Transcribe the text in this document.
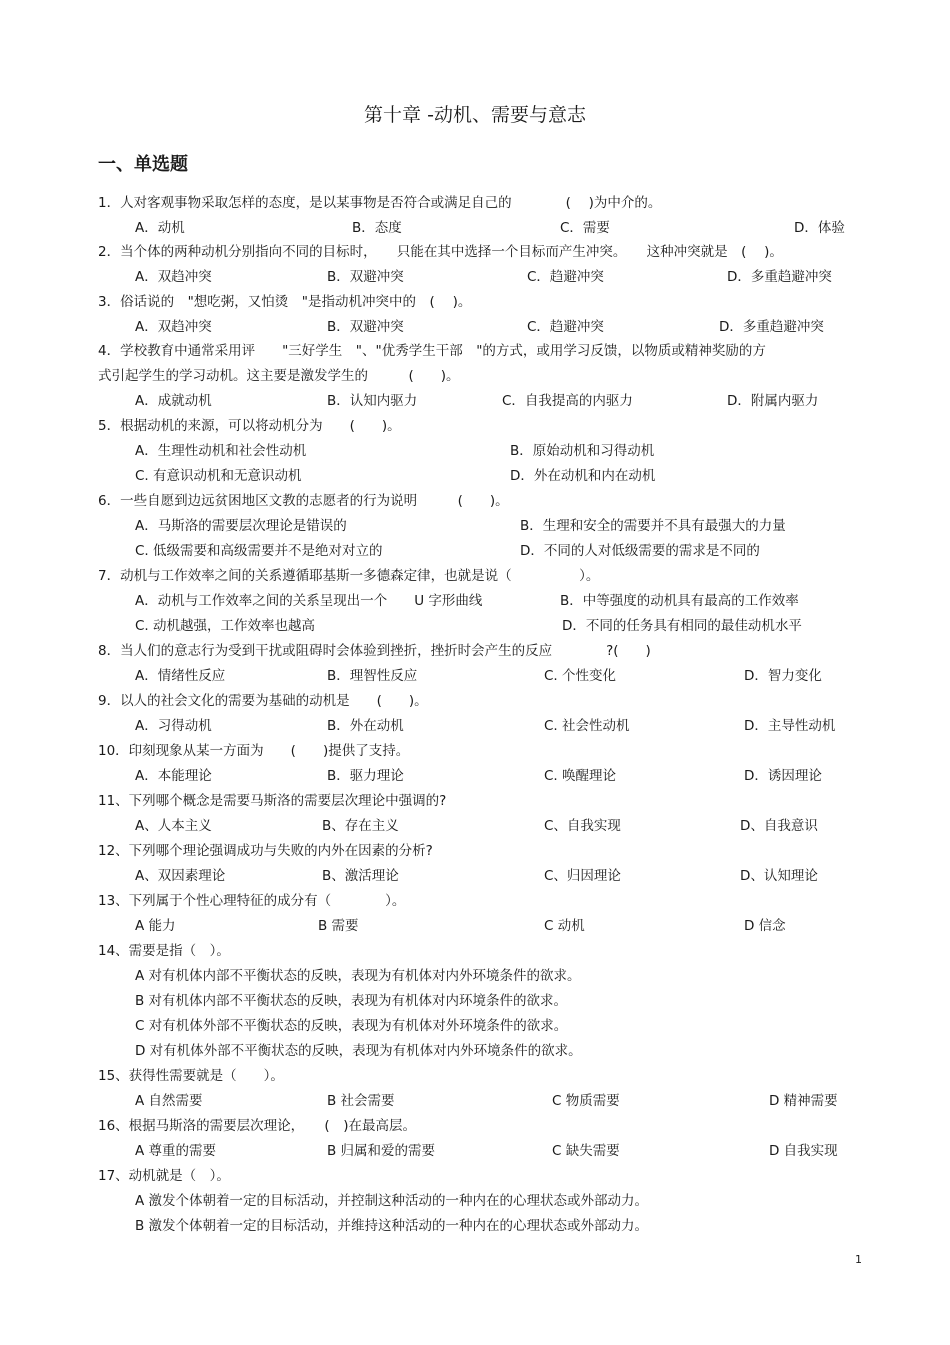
第十章 -动机、需要与意志
一、单选题
1．人对客观事物采取怎样的态度，是以某事物是否符合或满足自己的　　　　(　 )为中介的。
A．动机	B．态度	C．需要	D．体验
2．当个体的两种动机分别指向不同的目标时，　　只能在其中选择一个目标而产生冲突。　　这种冲突就是　(　 )。
A．双趋冲突	B．双避冲突	C．趋避冲突	D．多重趋避冲突
3．俗话说的　"想吃粥，又怕烫　"是指动机冲突中的　(　 )。
A．双趋冲突	B．双避冲突	C．趋避冲突	D．多重趋避冲突
4．学校教育中通常采用评　　"三好学生　"、"优秀学生干部　"的方式，或用学习反馈，以物质或精神奖励的方
式引起学生的学习动机。这主要是激发学生的　　　(　　)。
A．成就动机	B．认知内驱力	C．自我提高的内驱力	D．附属内驱力
5．根据动机的来源，可以将动机分为　　(　　)。
A．生理性动机和社会性动机	B．原始动机和习得动机
C. 有意识动机和无意识动机	D．外在动机和内在动机
6．一些自愿到边远贫困地区文教的志愿者的行为说明　　　(　　)。
A．马斯洛的需要层次理论是错误的	B．生理和安全的需要并不具有最强大的力量
C. 低级需要和高级需要并不是绝对对立的	D．不同的人对低级需要的需求是不同的
7．动机与工作效率之间的关系遵循耶基斯一多德森定律，也就是说（　　　　　）。
A．动机与工作效率之间的关系呈现出一个　　U 字形曲线	B．中等强度的动机具有最高的工作效率
C. 动机越强，工作效率也越高	D．不同的任务具有相同的最佳动机水平
8．当人们的意志行为受到干扰或阻碍时会体验到挫折，挫折时会产生的反应　　　　?(　　)
A．情绪性反应	B．理智性反应	C. 个性变化	D．智力变化
9．以人的社会文化的需要为基础的动机是　　(　　)。
A．习得动机	B．外在动机	C. 社会性动机	D．主导性动机
10．印刻现象从某一方面为　　(　　)提供了支持。
A．本能理论	B．驱力理论	C. 唤醒理论	D．诱因理论
11、下列哪个概念是需要马斯洛的需要层次理论中强调的?
A、人本主义	B、存在主义	C、自我实现	D、自我意识
12、下列哪个理论强调成功与失败的内外在因素的分析?
A、双因素理论	B、激活理论	C、归因理论	D、认知理论
13、下列属于个性心理特征的成分有（　　　　）。
A 能力	B 需要	C 动机	D 信念
14、需要是指（　）。
A 对有机体内部不平衡状态的反映，表现为有机体对内外环境条件的欲求。
B 对有机体内部不平衡状态的反映，表现为有机体对内环境条件的欲求。
C 对有机体外部不平衡状态的反映，表现为有机体对外环境条件的欲求。
D 对有机体外部不平衡状态的反映，表现为有机体对内外环境条件的欲求。
15、获得性需要就是（　　）。
A 自然需要	B 社会需要	C 物质需要	D 精神需要
16、根据马斯洛的需要层次理论，　　(　)在最高层。
A 尊重的需要	B 归属和爱的需要	C 缺失需要	D 自我实现
17、动机就是（　）。
A 激发个体朝着一定的目标活动，并控制这种活动的一种内在的心理状态或外部动力。
B 激发个体朝着一定的目标活动，并维持这种活动的一种内在的心理状态或外部动力。
1
